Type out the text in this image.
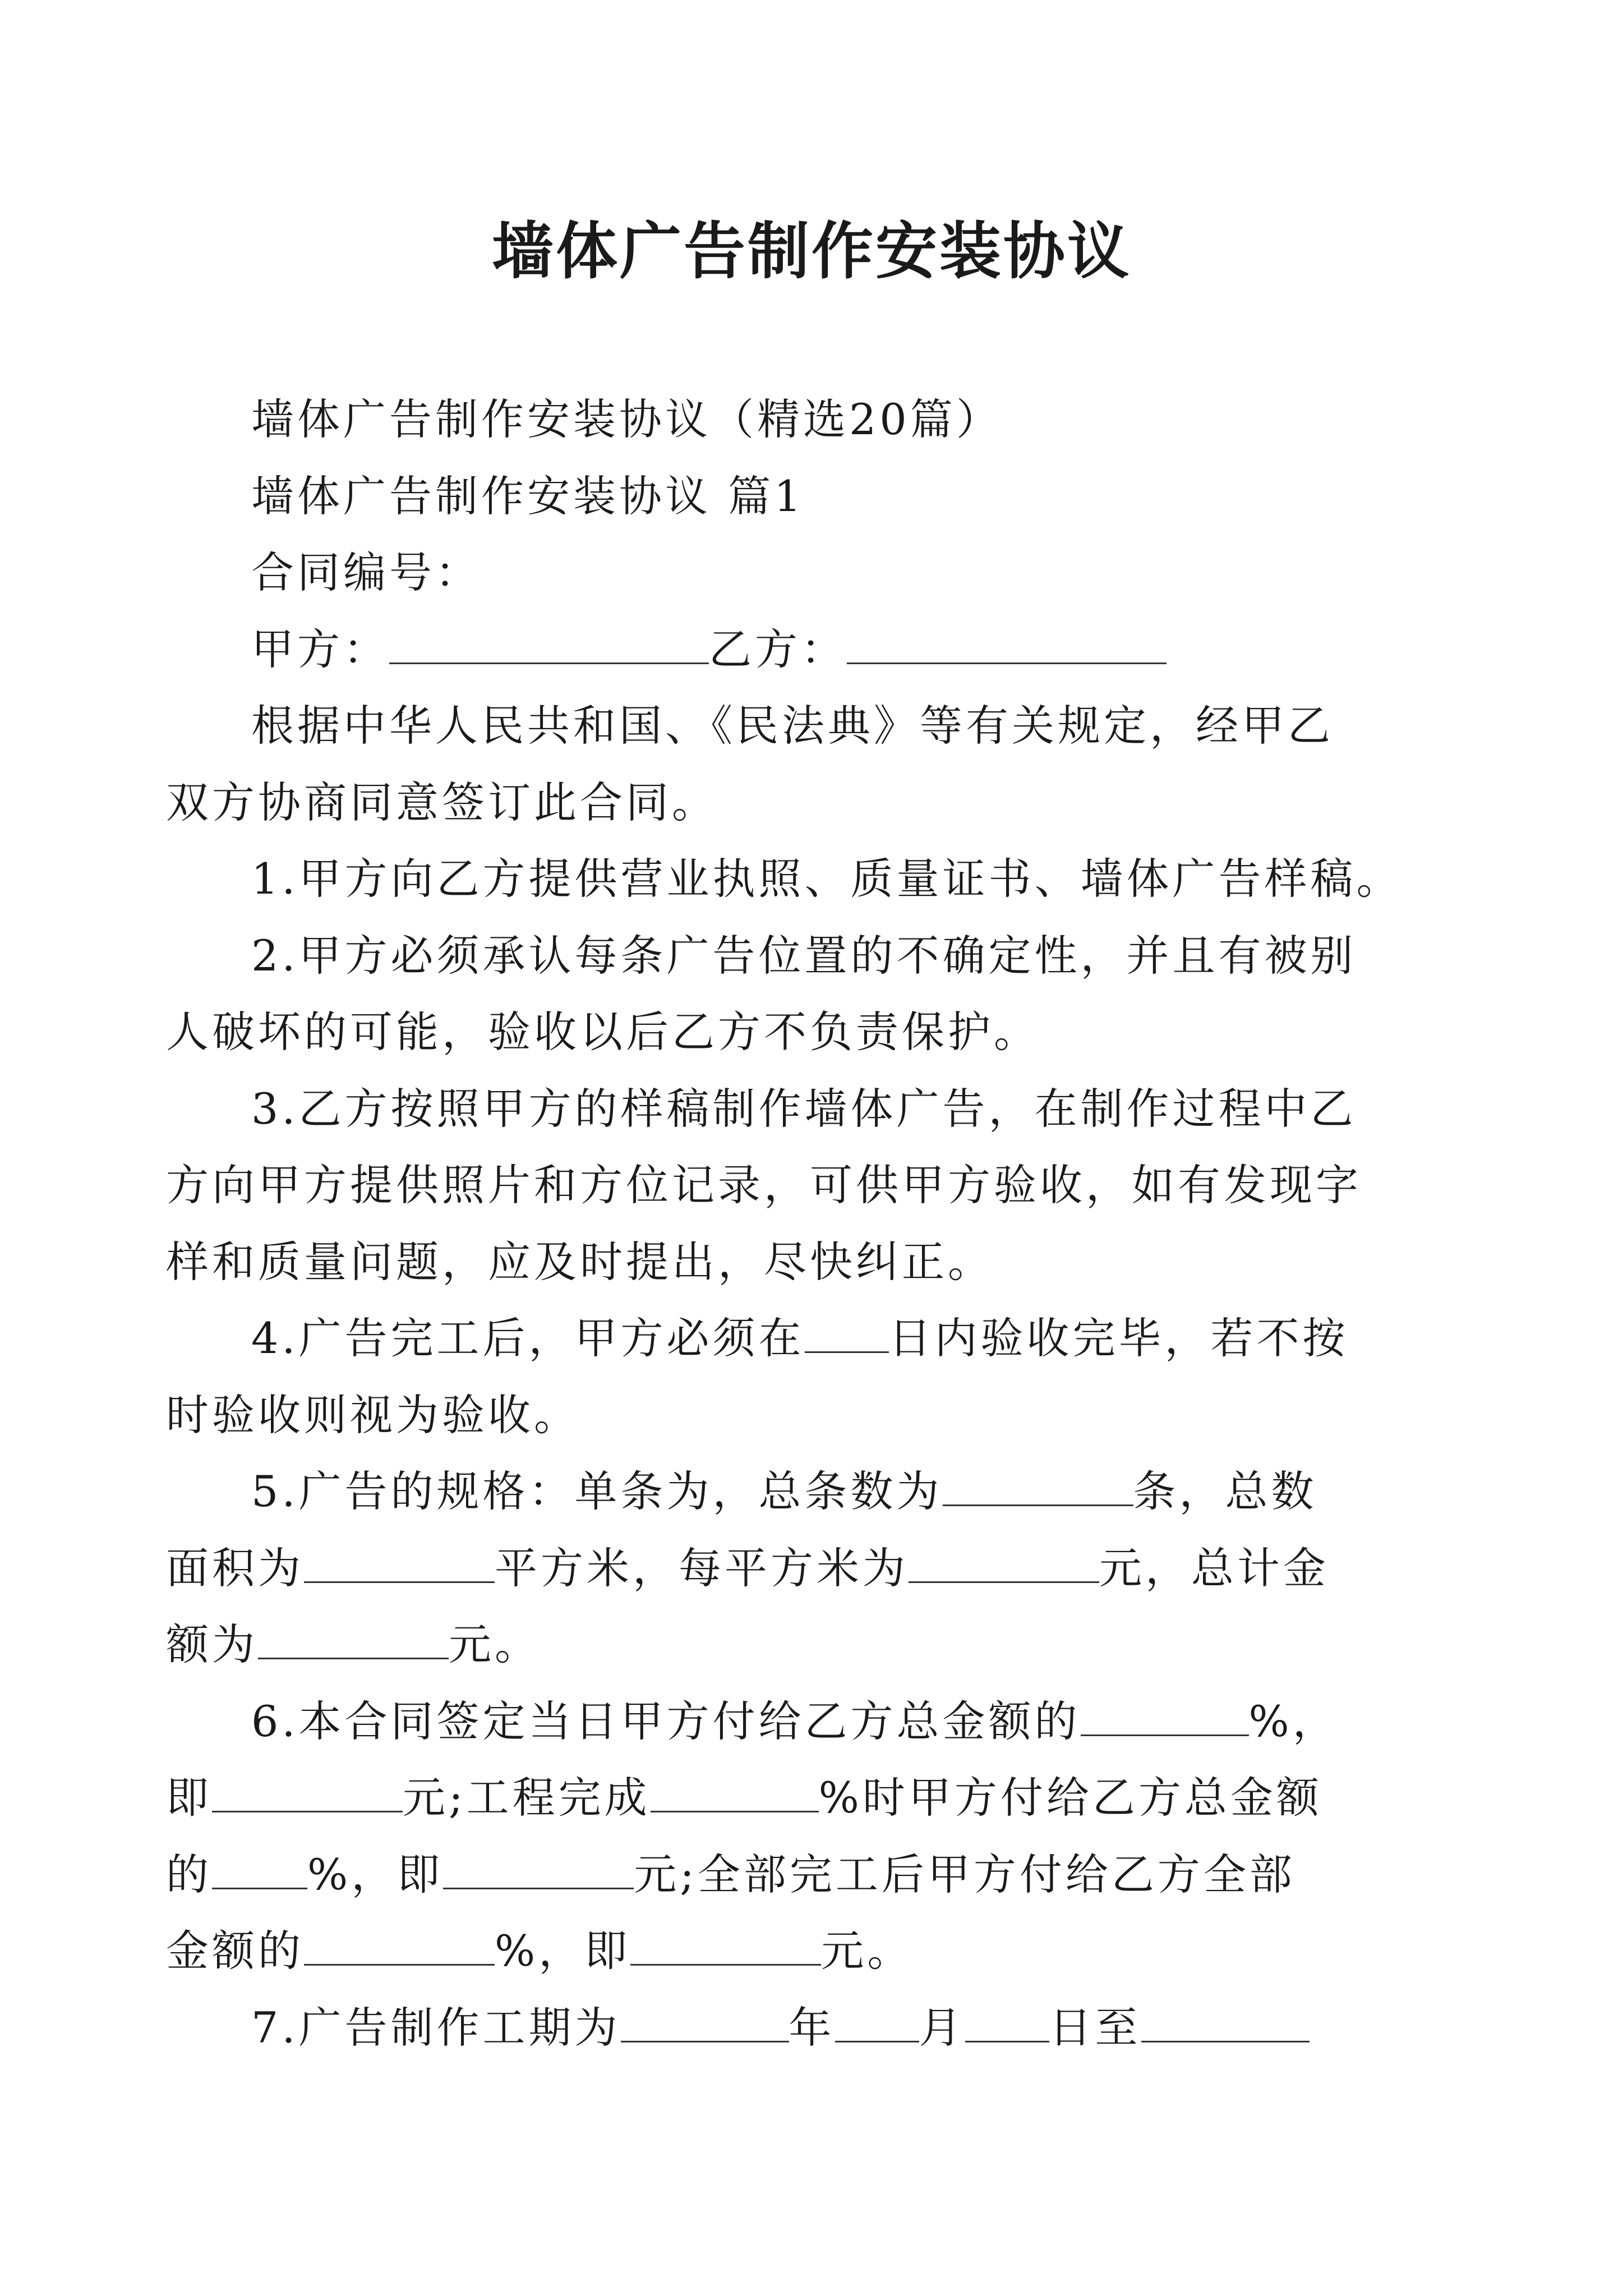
墙体广告制作安装协议
墙体广告制作安装协议（精选20篇）
墙体广告制作安装协议 篇1
合同编号：
甲方：	乙方：
根据中华人民共和国、《民法典》等有关规定，经甲乙
双方协商同意签订此合同。
1.甲方向乙方提供营业执照、质量证书、墙体广告样稿。
2.甲方必须承认每条广告位置的不确定性，并且有被别
人破坏的可能，验收以后乙方不负责保护。
3.乙方按照甲方的样稿制作墙体广告，在制作过程中乙
方向甲方提供照片和方位记录，可供甲方验收，如有发现字
样和质量问题，应及时提出，尽快纠正。
4.广告完工后，甲方必须在 日内验收完毕，若不按
时验收则视为验收。
5.广告的规格：单条为，总条数为	条，总数
面积为	平方米，每平方米为	元，总计金
额为	元。
6.本合同签定当日甲方付给乙方总金额的	%，
即	元;工程完成	%时甲方付给乙方总金额
的 %，即	元;全部完工后甲方付给乙方全部
金额的	%，即	元。
7.广告制作工期为	年 月 日至
